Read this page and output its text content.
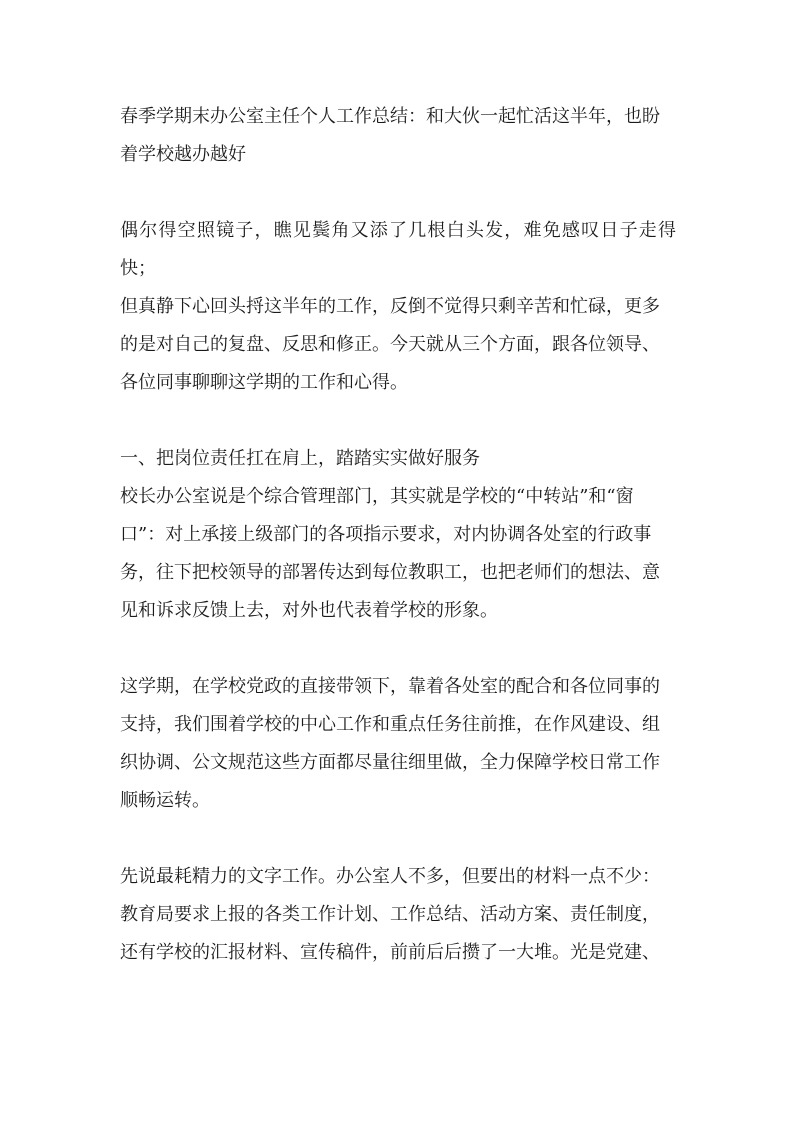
春季学期末办公室主任个人工作总结：和大伙一起忙活这半年，也盼
着学校越办越好
偶尔得空照镜子，瞧见鬓角又添了几根白头发，难免感叹日子走得快；
但真静下心回头捋这半年的工作，反倒不觉得只剩辛苦和忙碌，更多
的是对自己的复盘、反思和修正。今天就从三个方面，跟各位领导、
各位同事聊聊这学期的工作和心得。
一、把岗位责任扛在肩上，踏踏实实做好服务
校长办公室说是个综合管理部门，其实就是学校的“中转站”和“窗
口”：对上承接上级部门的各项指示要求，对内协调各处室的行政事
务，往下把校领导的部署传达到每位教职工，也把老师们的想法、意
见和诉求反馈上去，对外也代表着学校的形象。
这学期，在学校党政的直接带领下，靠着各处室的配合和各位同事的
支持，我们围着学校的中心工作和重点任务往前推，在作风建设、组
织协调、公文规范这些方面都尽量往细里做，全力保障学校日常工作
顺畅运转。
先说最耗精力的文字工作。办公室人不多，但要出的材料一点不少：
教育局要求上报的各类工作计划、工作总结、活动方案、责任制度，
还有学校的汇报材料、宣传稿件，前前后后攒了一大堆。光是党建、
